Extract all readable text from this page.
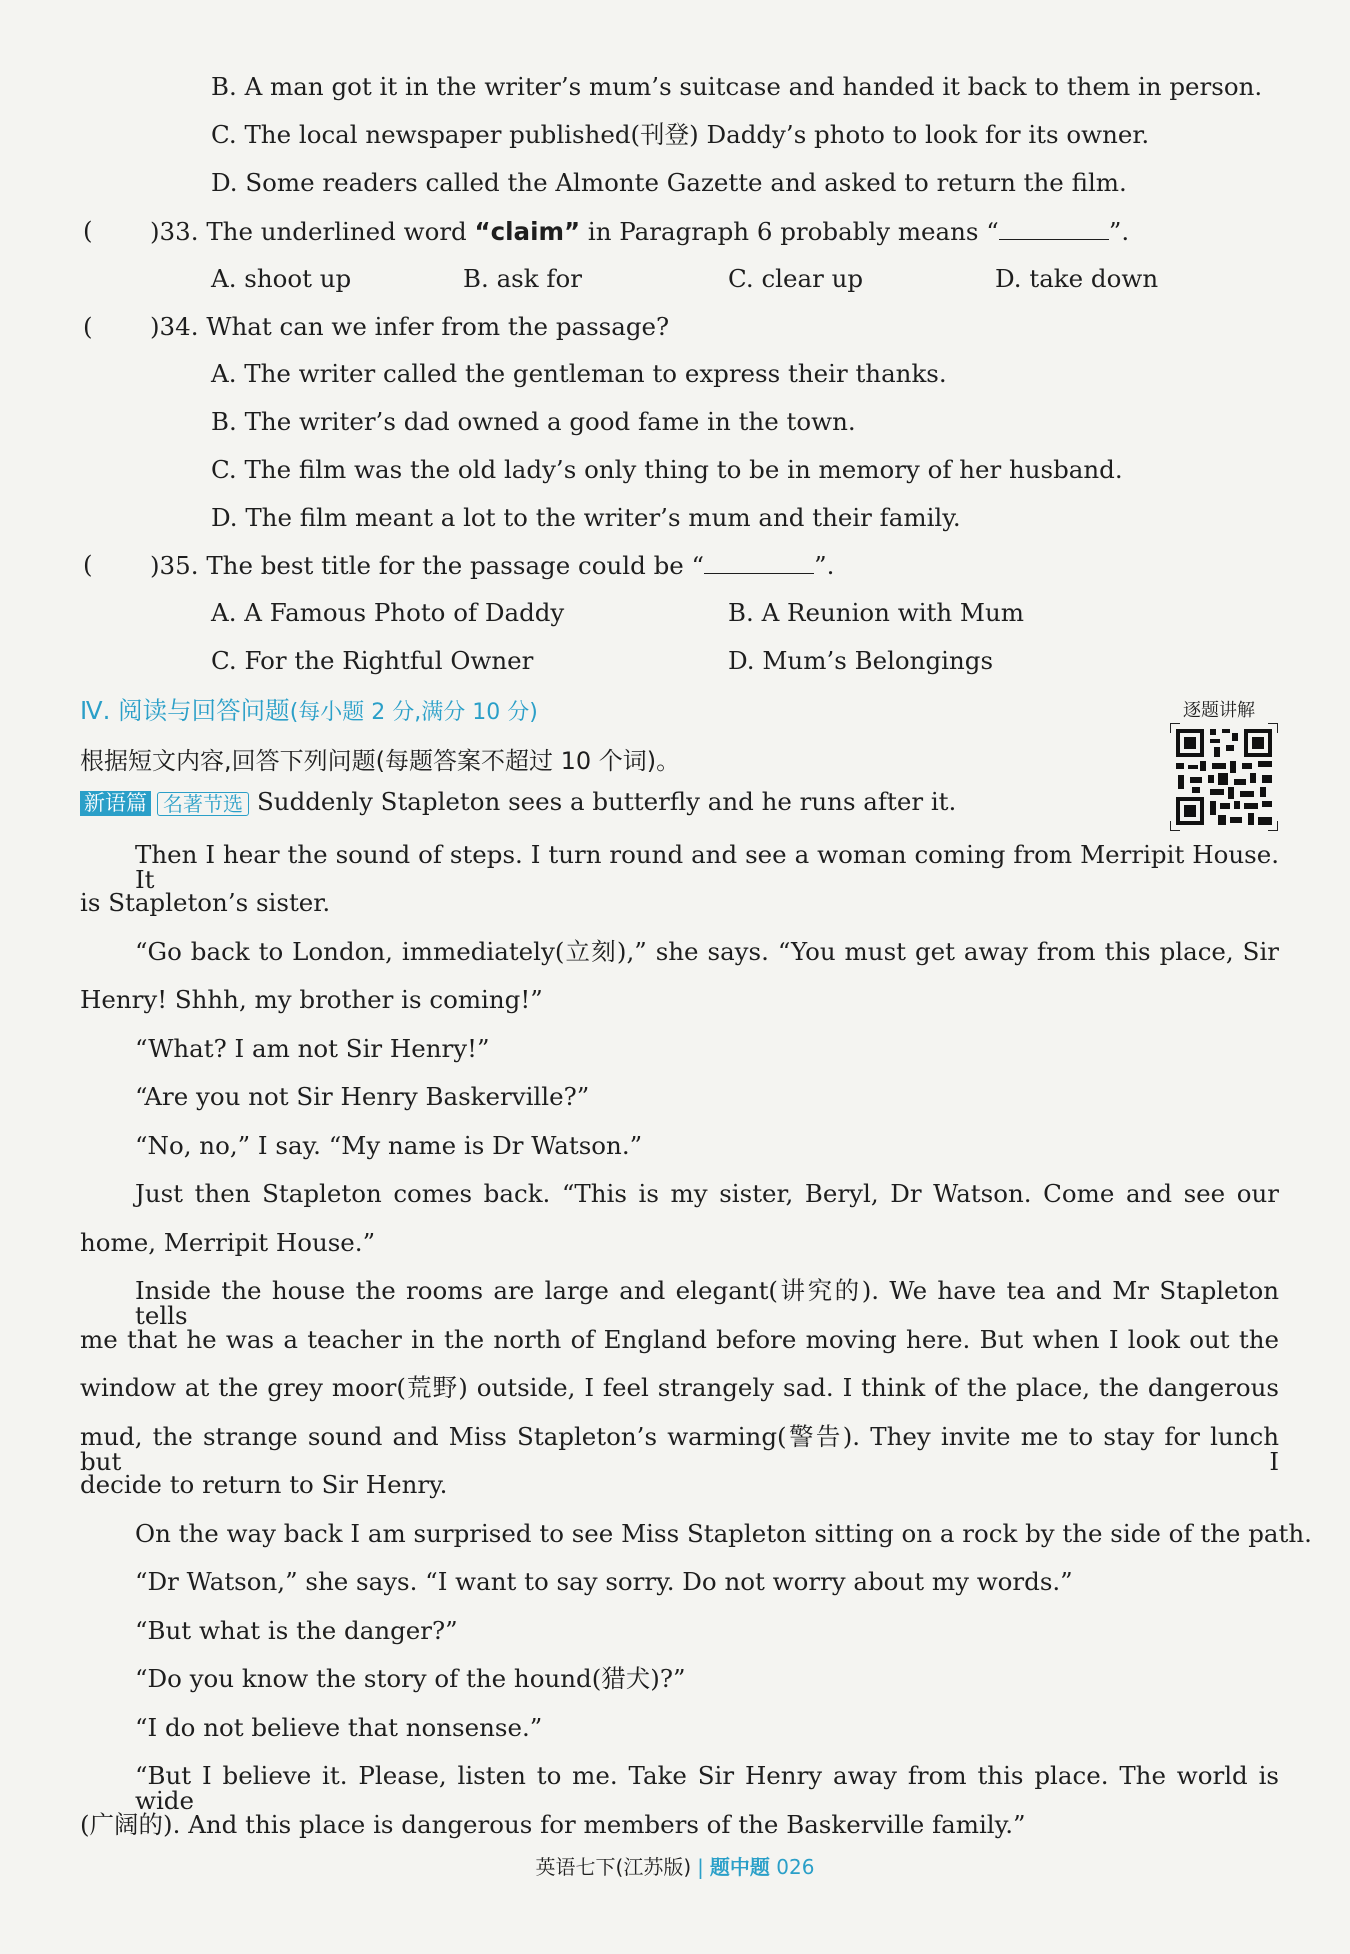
B. A man got it in the writer’s mum’s suitcase and handed it back to them in person.
C. The local newspaper published(刊登) Daddy’s photo to look for its owner.
D. Some readers called the Almonte Gazette and asked to return the film.
( )33. The underlined word “claim” in Paragraph 6 probably means “	”.
A. shoot up	B. ask for	C. clear up	D. take down
( )34. What can we infer from the passage?
A. The writer called the gentleman to express their thanks.
B. The writer’s dad owned a good fame in the town.
C. The film was the old lady’s only thing to be in memory of her husband.
D. The film meant a lot to the writer’s mum and their family.
( )35. The best title for the passage could be “	”.
A. A Famous Photo of Daddy	B. A Reunion with Mum
C. For the Rightful Owner	D. Mum’s Belongings
Ⅳ. 阅读与回答问题(每小题 2 分,满分 10 分)
根据短文内容,回答下列问题(每题答案不超过 10 个词)。
逐题讲解
新语篇 名著节选 Suddenly Stapleton sees a butterfly and he runs after it.
Then I hear the sound of steps. I turn round and see a woman coming from Merripit House. It
is Stapleton’s sister.
“Go back to London, immediately(立刻),” she says. “You must get away from this place, Sir
Henry! Shhh, my brother is coming!”
“What? I am not Sir Henry!”
“Are you not Sir Henry Baskerville?”
“No, no,” I say. “My name is Dr Watson.”
Just then Stapleton comes back. “This is my sister, Beryl, Dr Watson. Come and see our
home, Merripit House.”
Inside the house the rooms are large and elegant(讲究的). We have tea and Mr Stapleton tells
me that he was a teacher in the north of England before moving here. But when I look out the
window at the grey moor(荒野) outside, I feel strangely sad. I think of the place, the dangerous
mud, the strange sound and Miss Stapleton’s warming(警告). They invite me to stay for lunch but I
decide to return to Sir Henry.
On the way back I am surprised to see Miss Stapleton sitting on a rock by the side of the path.
“Dr Watson,” she says. “I want to say sorry. Do not worry about my words.”
“But what is the danger?”
“Do you know the story of the hound(猎犬)?”
“I do not believe that nonsense.”
“But I believe it. Please, listen to me. Take Sir Henry away from this place. The world is wide
(广阔的). And this place is dangerous for members of the Baskerville family.”
英语七下(江苏版) | 题中题 026
